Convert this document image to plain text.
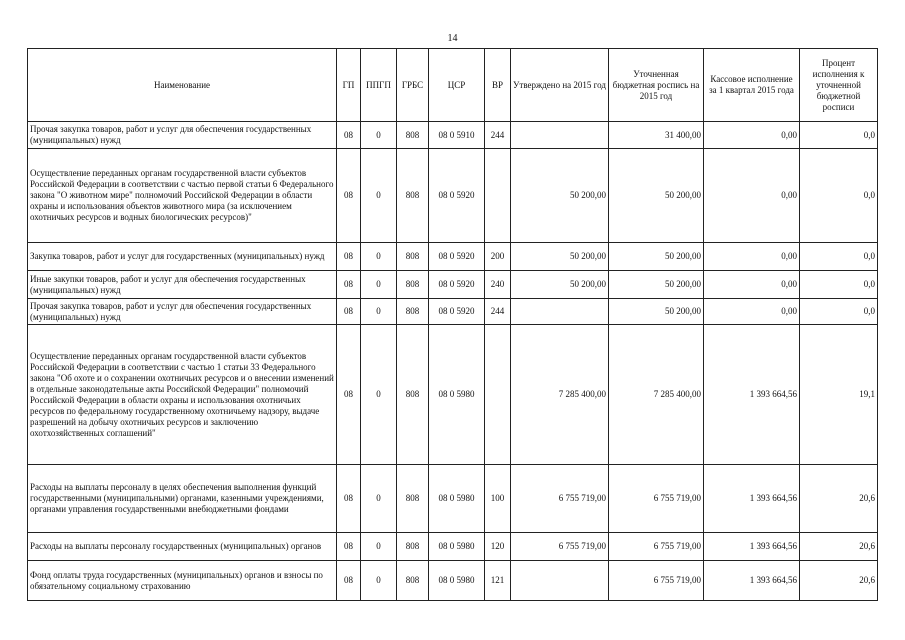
14
Наименование	ГП	ППГП	ГРБС	ЦСР	ВР	Утверждено на 2015 год	Уточненная бюджетная роспись на 2015 год	Кассовое исполнение за 1 квартал 2015 года	Процент исполнения к уточненной бюджетной росписи
Прочая закупка товаров, работ и услуг для обеспечения государственных (муниципальных) нужд	08	0	808	08 0 5910	244		31 400,00	0,00	0,0
Осуществление переданных органам государственной власти субъектов Российской Федерации в соответствии с частью первой статьи 6 Федерального закона "О животном мире" полномочий Российской Федерации в области охраны и использования объектов животного мира (за исключением охотничьих ресурсов и водных биологических ресурсов)"	08	0	808	08 0 5920		50 200,00	50 200,00	0,00	0,0
Закупка товаров, работ и услуг для государственных (муниципальных) нужд	08	0	808	08 0 5920	200	50 200,00	50 200,00	0,00	0,0
Иные закупки товаров, работ и услуг для обеспечения государственных (муниципальных) нужд	08	0	808	08 0 5920	240	50 200,00	50 200,00	0,00	0,0
Прочая закупка товаров, работ и услуг для обеспечения государственных (муниципальных) нужд	08	0	808	08 0 5920	244		50 200,00	0,00	0,0
Осуществление переданных органам государственной власти субъектов Российской Федерации в соответствии с частью 1 статьи 33 Федерального закона "Об охоте и о сохранении охотничьих ресурсов и о внесении изменений в отдельные законодательные акты Российской Федерации" полномочий Российской Федерации в области охраны и использования охотничьих ресурсов по федеральному государственному охотничьему надзору, выдаче разрешений на добычу охотничьих ресурсов и заключению охотхозяйственных соглашений"	08	0	808	08 0 5980		7 285 400,00	7 285 400,00	1 393 664,56	19,1
Расходы на выплаты персоналу в целях обеспечения выполнения функций государственными (муниципальными) органами, казенными учреждениями, органами управления государственными внебюджетными фондами	08	0	808	08 0 5980	100	6 755 719,00	6 755 719,00	1 393 664,56	20,6
Расходы на выплаты персоналу государственных (муниципальных) органов	08	0	808	08 0 5980	120	6 755 719,00	6 755 719,00	1 393 664,56	20,6
Фонд оплаты труда государственных (муниципальных) органов и взносы по обязательному социальному страхованию	08	0	808	08 0 5980	121		6 755 719,00	1 393 664,56	20,6
